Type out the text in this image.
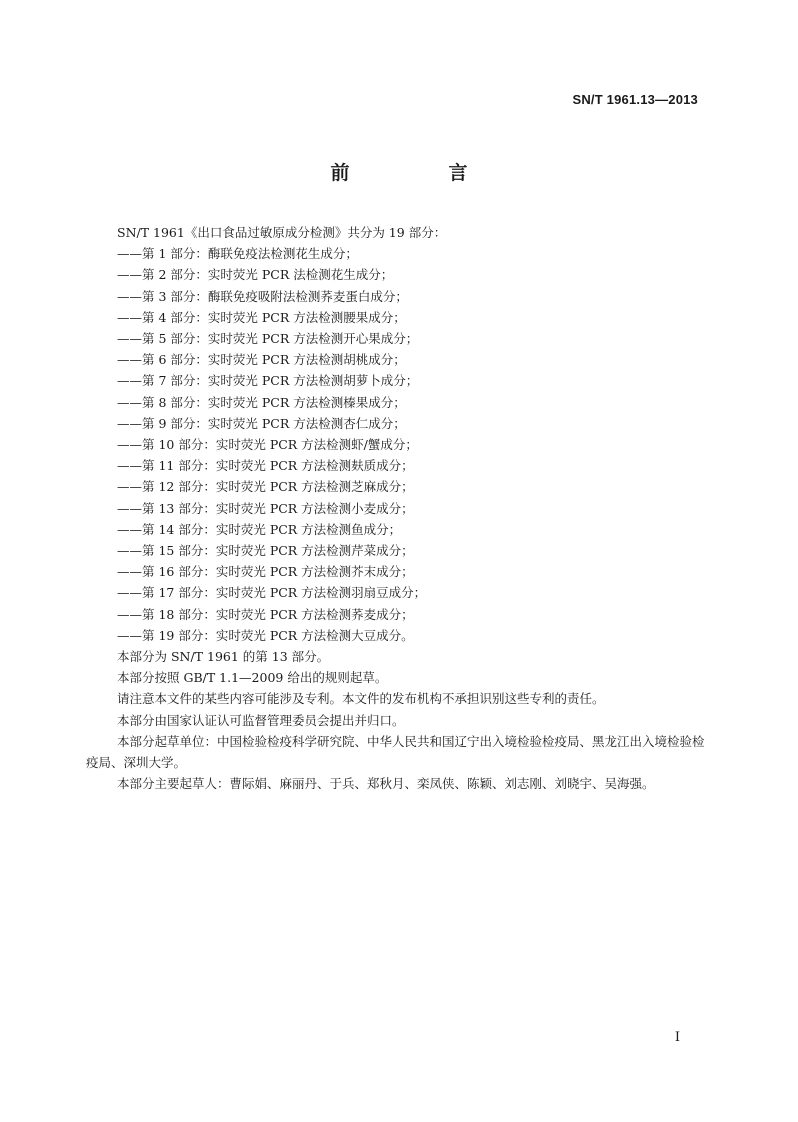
SN/T 1961.13—2013
前　言

SN/T 1961《出口食品过敏原成分检测》共分为 19 部分：

——第 1 部分：酶联免疫法检测花生成分；

——第 2 部分：实时荧光 PCR 法检测花生成分；

——第 3 部分：酶联免疫吸附法检测荞麦蛋白成分；

——第 4 部分：实时荧光 PCR 方法检测腰果成分；

——第 5 部分：实时荧光 PCR 方法检测开心果成分；

——第 6 部分：实时荧光 PCR 方法检测胡桃成分；

——第 7 部分：实时荧光 PCR 方法检测胡萝卜成分；

——第 8 部分：实时荧光 PCR 方法检测榛果成分；

——第 9 部分：实时荧光 PCR 方法检测杏仁成分；

——第 10 部分：实时荧光 PCR 方法检测虾/蟹成分；

——第 11 部分：实时荧光 PCR 方法检测麸质成分；

——第 12 部分：实时荧光 PCR 方法检测芝麻成分；

——第 13 部分：实时荧光 PCR 方法检测小麦成分；

——第 14 部分：实时荧光 PCR 方法检测鱼成分；

——第 15 部分：实时荧光 PCR 方法检测芹菜成分；

——第 16 部分：实时荧光 PCR 方法检测芥末成分；

——第 17 部分：实时荧光 PCR 方法检测羽扇豆成分；

——第 18 部分：实时荧光 PCR 方法检测荞麦成分；

——第 19 部分：实时荧光 PCR 方法检测大豆成分。

本部分为 SN/T 1961 的第 13 部分。

本部分按照 GB/T 1.1—2009 给出的规则起草。

请注意本文件的某些内容可能涉及专利。本文件的发布机构不承担识别这些专利的责任。

本部分由国家认证认可监督管理委员会提出并归口。

本部分起草单位：中国检验检疫科学研究院、中华人民共和国辽宁出入境检验检疫局、黑龙江出入境检验检疫局、深圳大学。

本部分主要起草人：曹际娟、麻丽丹、于兵、郑秋月、栾凤侠、陈颖、刘志刚、刘晓宇、吴海强。

I
